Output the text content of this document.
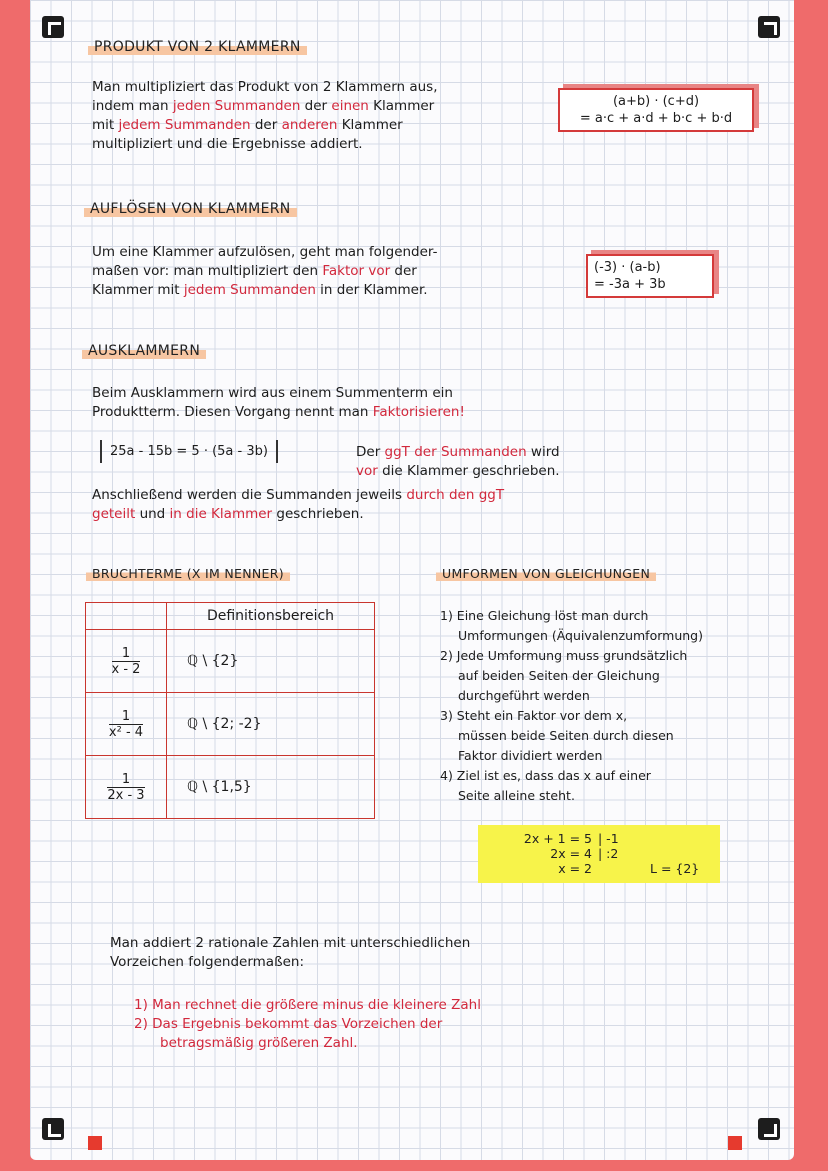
PRODUKT VON 2 KLAMMERN
Man multipliziert das Produkt von 2 Klammern aus,
indem man jeden Summanden der einen Klammer
mit jedem Summanden der anderen Klammer
multipliziert und die Ergebnisse addiert.
(a+b) · (c+d)
= a·c + a·d + b·c + b·d
AUFLÖSEN VON KLAMMERN
Um eine Klammer aufzulösen, geht man folgender-
maßen vor: man multipliziert den Faktor vor der
Klammer mit jedem Summanden in der Klammer.
(-3) · (a-b)
= -3a + 3b
AUSKLAMMERN
Beim Ausklammern wird aus einem Summenterm ein
Produktterm. Diesen Vorgang nennt man Faktorisieren!
25a - 15b = 5 · (5a - 3b)	Der ggT der Summanden wird
vor die Klammer geschrieben.
Anschließend werden die Summanden jeweils durch den ggT
geteilt und in die Klammer geschrieben.
BRUCHTERME (X IM NENNER)
	Definitionsbereich

$\frac{1}{x - 2}$	ℚ \ {2}

$\frac{1}{\text{x² - 4}}$	ℚ \ {2; -2}

$\frac{1}{2x - 3}$	ℚ \ {1,5}
UMFORMEN VON GLEICHUNGEN
1) Eine Gleichung löst man durch
Umformungen (Äquivalenzumformung)
2) Jede Umformung muss grundsätzlich
auf beiden Seiten der Gleichung
durchgeführt werden
3) Steht ein Faktor vor dem x,
müssen beide Seiten durch diesen
Faktor dividiert werden
4) Ziel ist es, dass das x auf einer
Seite alleine steht.
2x + 1 = 5 | -1
2x = 4 | :2
x = 2	L = {2}
Man addiert 2 rationale Zahlen mit unterschiedlichen
Vorzeichen folgendermaßen:
1) Man rechnet die größere minus die kleinere Zahl
2) Das Ergebnis bekommt das Vorzeichen der
betragsmäßig größeren Zahl.
